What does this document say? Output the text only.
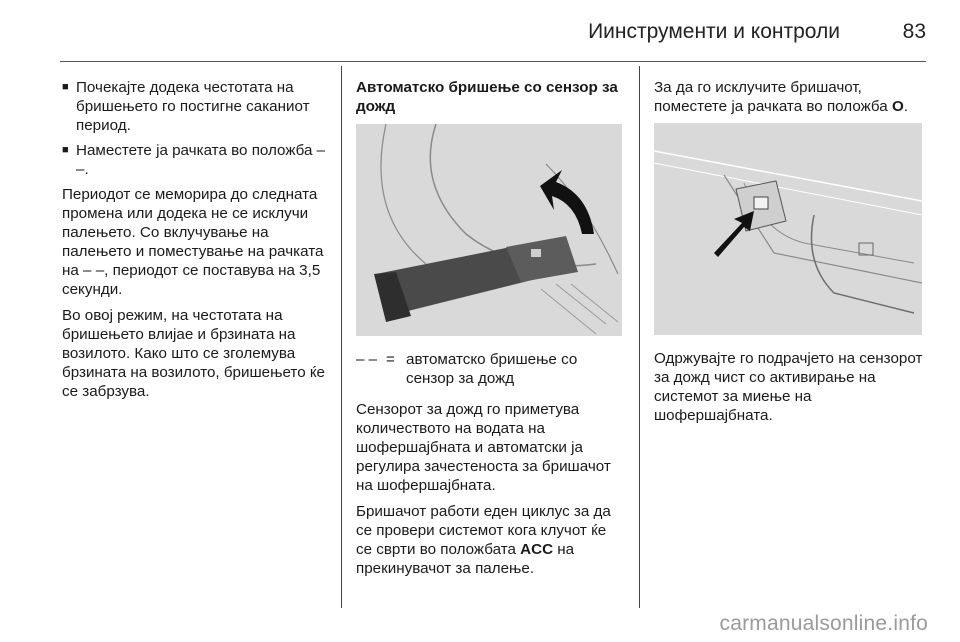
Иинструменти и контроли	83
■ Почекајте додека честотата на бришењето го постигне саканиот период.
■ Наместете ја рачката во положба ‒ ‒.

Периодот се меморира до следната промена или додека не се исклучи палењето. Со вклучување на палењето и поместување на рачката на ‒ ‒, периодот се поставува на 3,5 секунди.

Во овој режим, на честотата на бришењето влијае и брзината на возилото. Како што се зголемува брзината на возилото, бришењето ќе се забрзува.

Автоматско бришење со сензор за дожд
‒ ‒ = автоматско бришење со сензор за дожд

Сензорот за дожд го приметува количеството на водата на шофершајбната и автоматски ја регулира зачестеноста за бришачот на шофершајбната.

Бришачот работи еден циклус за да се провери системот кога клучот ќе се сврти во положбата ACC на прекинувачот за палење.

За да го исклучите бришачот, поместете ја рачката во положба O.

Одржувајте го подрачјето на сензорот за дожд чист со активирање на системот за миење на шофершајбната.

carmanualsonline.info
